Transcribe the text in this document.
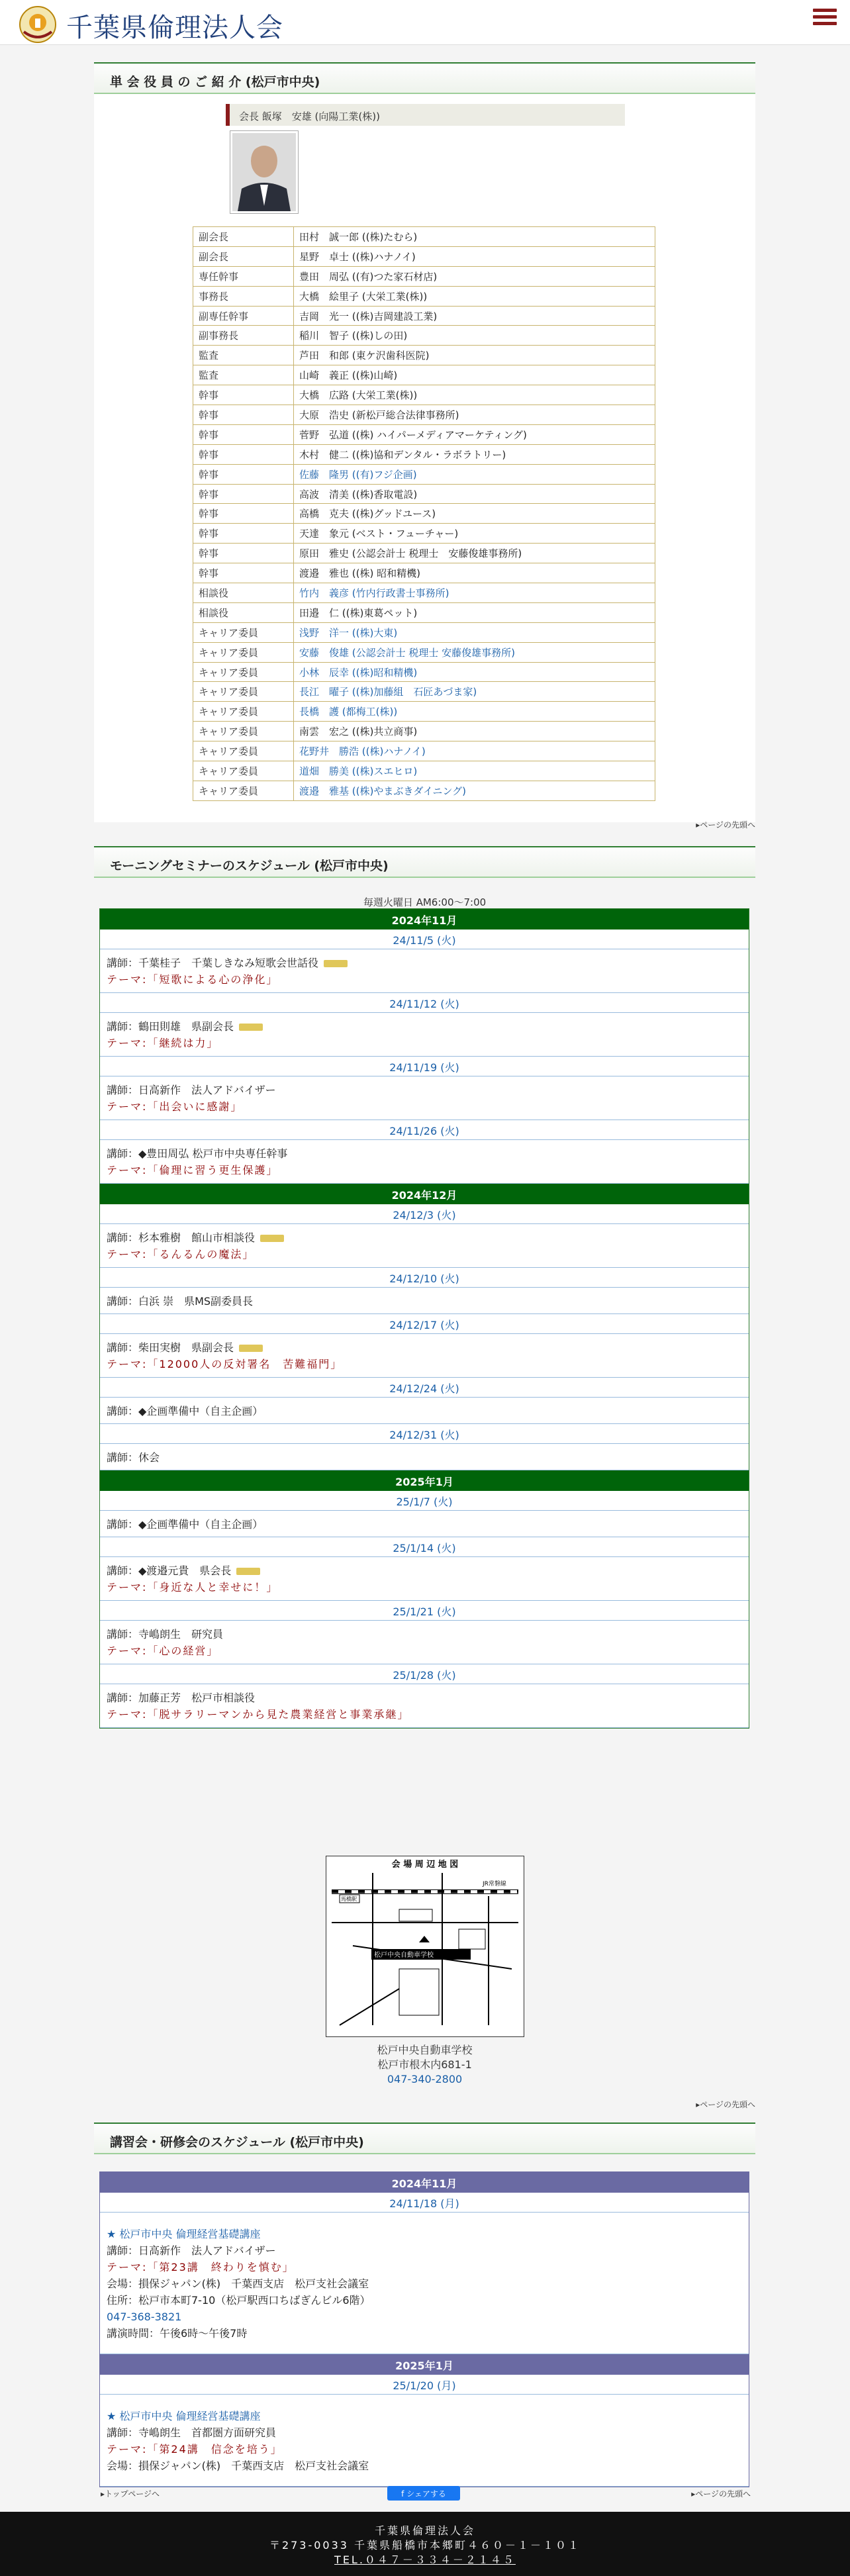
千葉県倫理法人会
単 会 役 員 の ご 紹 介 (松戸市中央)
会長 飯塚　安雄 (向陽工業(株))
副会長	田村　誠一郎 ((株)たむら)
副会長	星野　卓士 ((株)ハナノイ)
専任幹事	豊田　周弘 ((有)つた家石材店)
事務長	大橋　絵里子 (大栄工業(株))
副専任幹事	吉岡　光一 ((株)吉岡建設工業)
副事務長	稲川　智子 ((株)しの田)
監査	芦田　和郎 (東ケ沢歯科医院)
監査	山崎　義正 ((株)山崎)
幹事	大橋　広路 (大栄工業(株))
幹事	大原　浩史 (新松戸総合法律事務所)
幹事	菅野　弘道 ((株) ハイパーメディアマーケティング)
幹事	木村　健二 ((株)協和デンタル・ラボラトリー)
幹事	佐藤　隆男 ((有)フジ企画)
幹事	高波　清美 ((株)香取電設)
幹事	高橋　克夫 ((株)グッドユース)
幹事	天達　象元 (ベスト・フューチャー)
幹事	原田　雅史 (公認会計士 税理士　安藤俊雄事務所)
幹事	渡邉　雅也 ((株) 昭和精機)
相談役	竹内　義彦 (竹内行政書士事務所)
相談役	田邉　仁 ((株)東葛ペット)
キャリア委員	浅野　洋一 ((株)大東)
キャリア委員	安藤　俊雄 (公認会計士 税理士 安藤俊雄事務所)
キャリア委員	小林　辰幸 ((株)昭和精機)
キャリア委員	長江　曜子 ((株)加藤組　石匠あづま家)
キャリア委員	長橋　護 (都梅工(株))
キャリア委員	南雲　宏之 ((株)共立商事)
キャリア委員	花野井　勝浩 ((株)ハナノイ)
キャリア委員	道畑　勝美 ((株)スエヒロ)
キャリア委員	渡邉　雅基 ((株)やまぶきダイニング)
▸ページの先頭へ
モーニングセミナーのスケジュール (松戸市中央)
毎週火曜日 AM6:00～7:00
2024年11月
24/11/5 (火)
講師：千葉桂子　千葉しきなみ短歌会世話役
テーマ:「短歌による心の浄化」
24/11/12 (火)
講師：鶴田則雄　県副会長
テーマ:「継続は力」
24/11/19 (火)
講師：日高新作　法人アドバイザー
テーマ:「出会いに感謝」
24/11/26 (火)
講師：◆豊田周弘 松戸市中央専任幹事
テーマ:「倫理に習う更生保護」
2024年12月
24/12/3 (火)
講師：杉本雅樹　館山市相談役
テーマ:「るんるんの魔法」
24/12/10 (火)
講師：白浜 崇　県MS副委員長
24/12/17 (火)
講師：柴田実樹　県副会長
テーマ:「12000人の反対署名　苦難福門」
24/12/24 (火)
講師：◆企画準備中（自主企画）
24/12/31 (火)
講師：休会
2025年1月
25/1/7 (火)
講師：◆企画準備中（自主企画）
25/1/14 (火)
講師：◆渡邉元貴　県会長
テーマ:「身近な人と幸せに！」
25/1/21 (火)
講師：寺嶋朗生　研究員
テーマ:「心の経営」
25/1/28 (火)
講師：加藤正芳　松戸市相談役
テーマ:「脱サラリーマンから見た農業経営と事業承継」
会 場 周 辺 地 図
JR常磐線
馬橋駅
松戸中央自動車学校
松戸中央自動車学校
松戸市根木内681-1
047-340-2800
▸ページの先頭へ
講習会・研修会のスケジュール (松戸市中央)
2024年11月
24/11/18 (月)
★ 松戸市中央 倫理経営基礎講座
講師：日高新作　法人アドバイザー
テーマ:「第23講　終わりを慎む」
会場：損保ジャパン(株)　千葉西支店　松戸支社会議室
住所：松戸市本町7-10（松戸駅西口ちばぎんビル6階）
047-368-3821
講演時間：午後6時～午後7時
2025年1月
25/1/20 (月)
★ 松戸市中央 倫理経営基礎講座
講師：寺嶋朗生　首都圏方面研究員
テーマ:「第24講　信念を培う」
会場：損保ジャパン(株)　千葉西支店　松戸支社会議室
▸トップページへ	f シェアする	▸ページの先頭へ
千葉県倫理法人会
〒273-0033 千葉県船橋市本郷町４６０－１－１０１
TEL.０４７－３３４－２１４５
